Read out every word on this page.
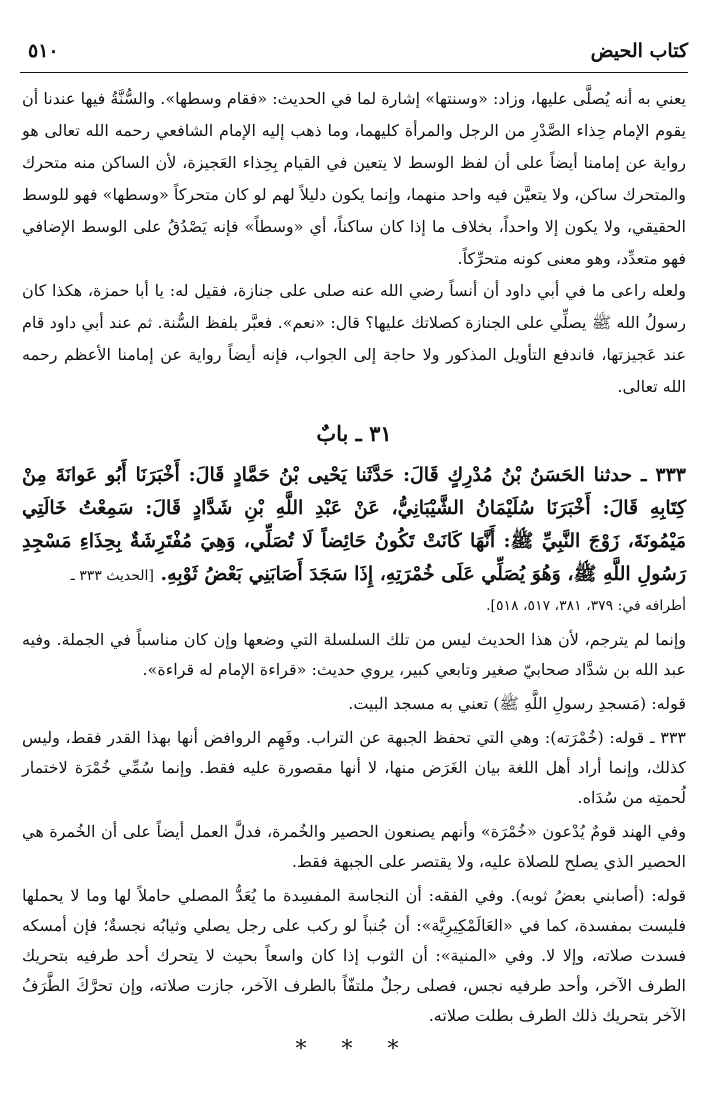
كتاب الحيض
٥١٠

يعني به أنه يُصلَّى عليها، وزاد: «وسنتها» إشارة لما في الحديث: «فقام وسطها». والسُّنَّةُ فيها عندنا أن يقوم الإمام حِذاء الصَّدْرِ من الرجل والمرأة كليهما، وما ذهب إليه الإمام الشافعي رحمه الله تعالى هو رواية عن إمامنا أيضاً على أن لفظ الوسط لا يتعين في القيام بِحِذاء العَجيزة، لأن الساكن منه متحرك والمتحرك ساكن، ولا يتعيَّن فيه واحد منهما، وإنما يكون دليلاً لهم لو كان متحركاً «وسطها» فهو للوسط الحقيقي، ولا يكون إلا واحداً، بخلاف ما إذا كان ساكناً، أي «وسطاً» فإنه يَصْدُقُ على الوسط الإضافي فهو متعدِّد، وهو معنى كونه متحرِّكاً.

ولعله راعى ما في أبي داود أن أنساً رضي الله عنه صلى على جنازة، فقيل له: يا أبا حمزة، هكذا كان رسولُ الله ﷺ يصلِّي على الجنازة كصلاتك عليها؟ قال: «نعم». فعبَّر بلفظ السُّنة. ثم عند أبي داود قام عند عَجيزتها، فاندفع التأويل المذكور ولا حاجة إلى الجواب، فإنه أيضاً رواية عن إمامنا الأعظم رحمه الله تعالى.

٣١ ـ بابٌ

٣٣٣ ـ حدثنا الحَسَنُ بْنُ مُدْرِكٍ قَالَ: حَدَّثَنا يَحْيى بْنُ حَمَّادٍ قَالَ: أَخْبَرَنَا أَبُو عَوانَةَ مِنْ كِتَابِهِ قَالَ: أَخْبَرَنَا سُلَيْمَانُ الشَّيْبَانِيُّ، عَنْ عَبْدِ اللَّهِ بْنِ شَدَّادٍ قَالَ: سَمِعْتُ خَالَتِي مَيْمُونَةَ، زَوْجَ النَّبِيِّ ﷺ: أَنَّهَا كَانَتْ تَكُونُ حَائِضاً لَا تُصَلِّي، وَهِيَ مُفْتَرِشَةٌ بِحِذَاءِ مَسْجِدِ رَسُولِ اللَّهِ ﷺ، وَهُوَ يُصَلِّي عَلَى خُمْرَتِهِ، إِذَا سَجَدَ أَصَابَنِي بَعْضُ ثَوْبِهِ. [الحديث ٣٣٣ ـ

أطرافه في: ٣٧٩، ٣٨١، ٥١٧، ٥١٨].

وإنما لم يترجم، لأن هذا الحديث ليس من تلك السلسلة التي وضعها وإن كان مناسباً في الجملة. وفيه عبد الله بن شدَّاد صحابيّ صغير وتابعي كبير، يروي حديث: «قراءة الإمام له قراءة».

قوله: (مَسجدِ رسولِ اللَّهِ ﷺ) تعني به مسجد البيت.

٣٣٣ ـ قوله: (خُمْرَته): وهي التي تحفظ الجبهة عن التراب. وفَهِم الروافض أنها بهذا القدر فقط، وليس كذلك، وإنما أراد أهل اللغة بيان الغَرَض منها، لا أنها مقصورة عليه فقط. وإنما سُمِّي خُمْرَة لاختمار لُحمتِه من سُدَاه.

وفي الهند قومٌ يُدْعون «خُمْرَة» وأنهم يصنعون الحصير والخُمرة، فدلَّ العمل أيضاً على أن الخُمرة هي الحصير الذي يصلح للصلاة عليه، ولا يقتصر على الجبهة فقط.

قوله: (أصابني بعضُ ثوبه). وفي الفقه: أن النجاسة المفسِدة ما يُعَدُّ المصلي حاملاً لها وما لا يحملها فليست بمفسدة، كما في «العَالَمْكِيرِيَّة»: أن جُنباً لو ركب على رجل يصلي وثيابُه نجسةٌ؛ فإن أمسكه فسدت صلاته، وإلا لا. وفي «المنية»: أن الثوب إذا كان واسعاً بحيث لا يتحرك أحد طرفيه بتحريك الطرف الآخر، وأحد طرفيه نجس، فصلى رجلٌ ملتفّاً بالطرف الآخر، جازت صلاته، وإن تحرَّكَ الطَّرَفُ الآخر بتحريك ذلك الطرف بطلت صلاته.

* * *
